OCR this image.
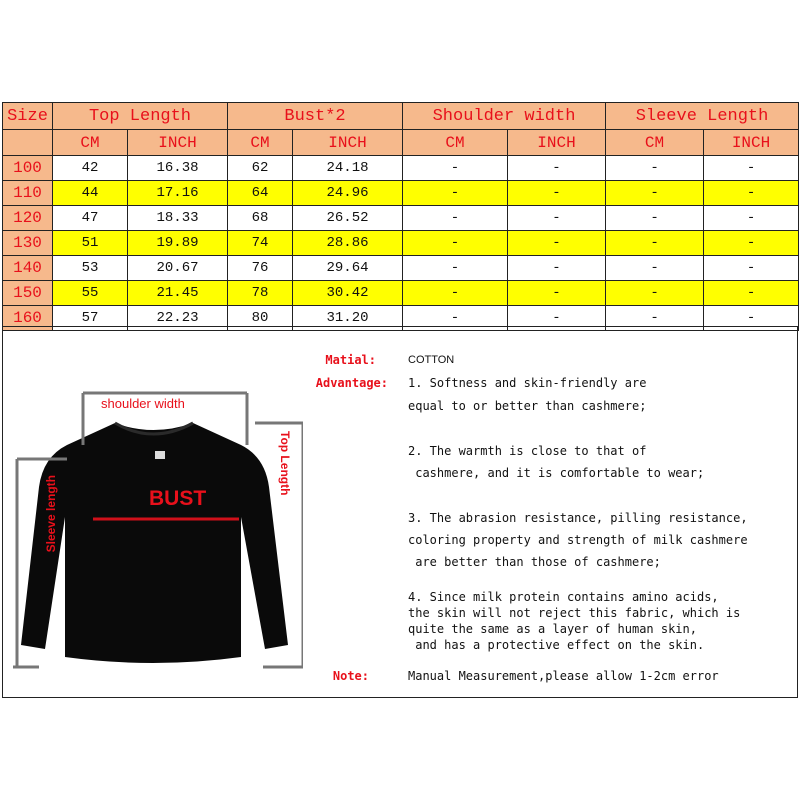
Size	Top Length		Bust*2		Shoulder width		Sleeve Length	
	CM	INCH	CM	INCH	CM	INCH	CM	INCH
100	42	16.38	62	24.18	-	-	-	-
110	44	17.16	64	24.96	-	-	-	-
120	47	18.33	68	26.52	-	-	-	-
130	51	19.89	74	28.86	-	-	-	-
140	53	20.67	76	29.64	-	-	-	-
150	55	21.45	78	30.42	-	-	-	-
160	57	22.23	80	31.20	-	-	-	-
shoulder width
BUST
Sleeve length
Top Length
Matial:	COTTON
Advantage: 1. Softness and skin-friendly are
equal to or better than cashmere;
2. The warmth is close to that of
cashmere, and it is comfortable to wear;
3. The abrasion resistance, pilling resistance,
coloring property and strength of milk cashmere
are better than those of cashmere;
4. Since milk protein contains amino acids,
the skin will not reject this fabric, which is
quite the same as a layer of human skin,
and has a protective effect on the skin.
Note:	Manual Measurement,please allow 1-2cm error
